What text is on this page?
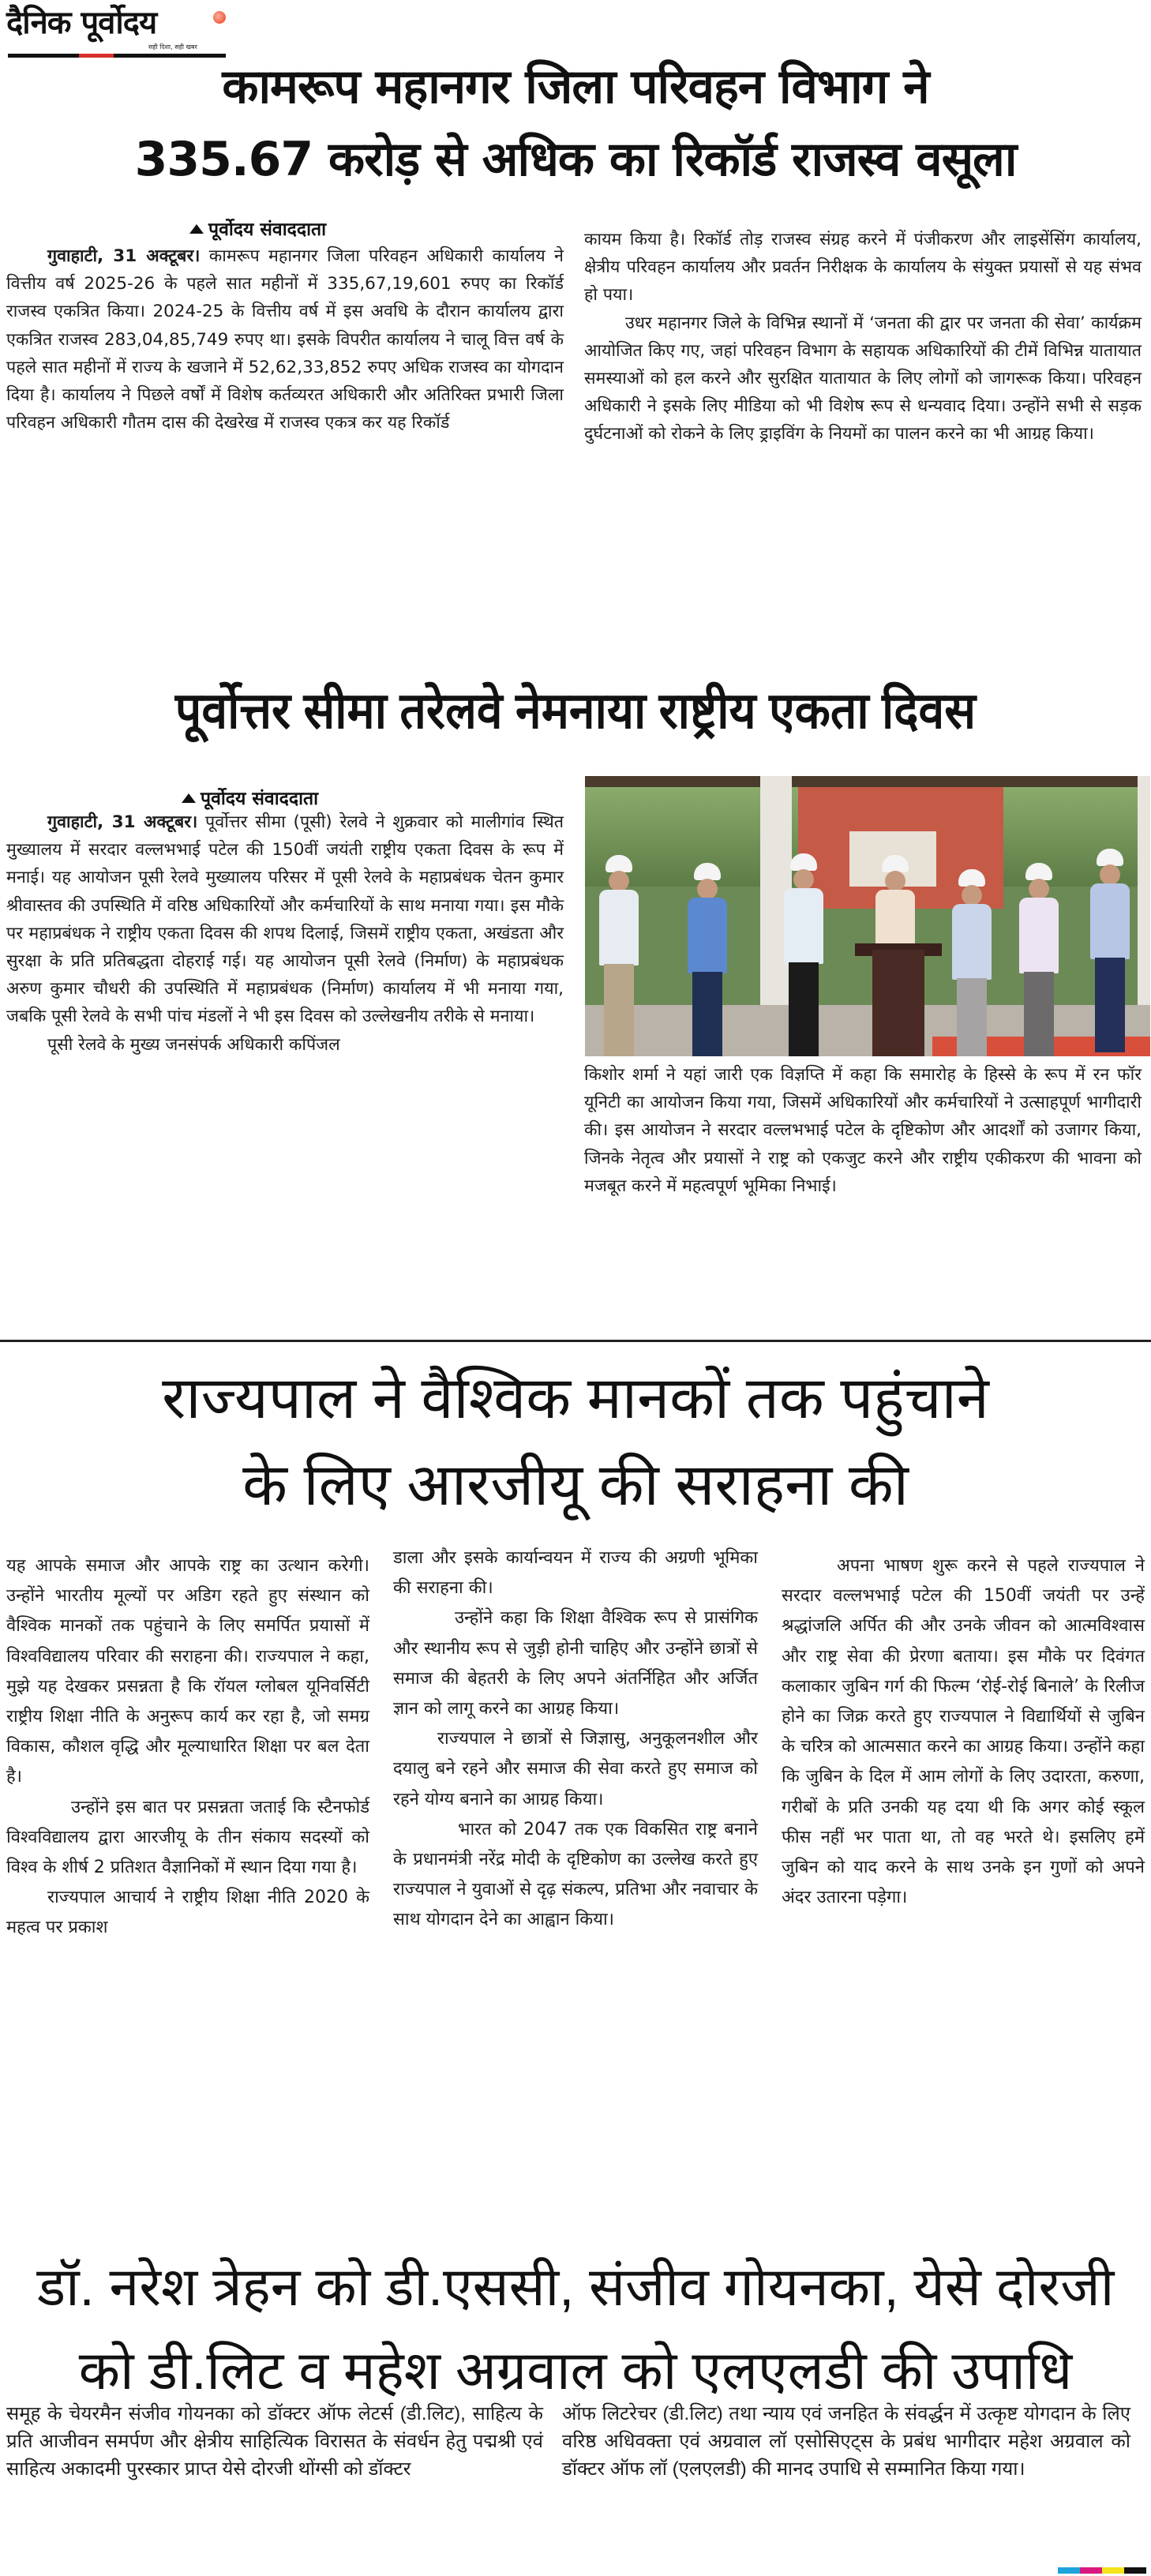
दैनिक पूर्वोदय
सही दिशा, सही खबर
कामरूप महानगर जिला परिवहन विभाग ने
335.67 करोड़ से अधिक का रिकॉर्ड राजस्व वसूला
पूर्वोदय संवाददाता

गुवाहाटी, 31 अक्टूबर। कामरूप महानगर जिला परिवहन अधिकारी कार्यालय ने वित्तीय वर्ष 2025-26 के पहले सात महीनों में 335,67,19,601 रुपए का रिकॉर्ड राजस्व एकत्रित किया। 2024-25 के वित्तीय वर्ष में इस अवधि के दौरान कार्यालय द्वारा एकत्रित राजस्व 283,04,85,749 रुपए था। इसके विपरीत कार्यालय ने चालू वित्त वर्ष के पहले सात महीनों में राज्य के खजाने में 52,62,33,852 रुपए अधिक राजस्व का योगदान दिया है। कार्यालय ने पिछले वर्षों में विशेष कर्तव्यरत अधिकारी और अतिरिक्त प्रभारी जिला परिवहन अधिकारी गौतम दास की देखरेख में राजस्व एकत्र कर यह रिकॉर्ड

कायम किया है। रिकॉर्ड तोड़ राजस्व संग्रह करने में पंजीकरण और लाइसेंसिंग कार्यालय, क्षेत्रीय परिवहन कार्यालय और प्रवर्तन निरीक्षक के कार्यालय के संयुक्त प्रयासों से यह संभव हो पया।

उधर महानगर जिले के विभिन्न स्थानों में ‘जनता की द्वार पर जनता की सेवा’ कार्यक्रम आयोजित किए गए, जहां परिवहन विभाग के सहायक अधिकारियों की टीमें विभिन्न यातायात समस्याओं को हल करने और सुरक्षित यातायात के लिए लोगों को जागरूक किया। परिवहन अधिकारी ने इसके लिए मीडिया को भी विशेष रूप से धन्यवाद दिया। उन्होंने सभी से सड़क दुर्घटनाओं को रोकने के लिए ड्राइविंग के नियमों का पालन करने का भी आग्रह किया।

पूर्वोत्तर सीमा तरेलवे नेमनाया राष्ट्रीय एकता दिवस
पूर्वोदय संवाददाता

गुवाहाटी, 31 अक्टूबर। पूर्वोत्तर सीमा (पूसी) रेलवे ने शुक्रवार को मालीगांव स्थित मुख्यालय में सरदार वल्लभभाई पटेल की 150वीं जयंती राष्ट्रीय एकता दिवस के रूप में मनाई। यह आयोजन पूसी रेलवे मुख्यालय परिसर में पूसी रेलवे के महाप्रबंधक चेतन कुमार श्रीवास्तव की उपस्थिति में वरिष्ठ अधिकारियों और कर्मचारियों के साथ मनाया गया। इस मौके पर महाप्रबंधक ने राष्ट्रीय एकता दिवस की शपथ दिलाई, जिसमें राष्ट्रीय एकता, अखंडता और सुरक्षा के प्रति प्रतिबद्धता दोहराई गई। यह आयोजन पूसी रेलवे (निर्माण) के महाप्रबंधक अरुण कुमार चौधरी की उपस्थिति में महाप्रबंधक (निर्माण) कार्यालय में भी मनाया गया, जबकि पूसी रेलवे के सभी पांच मंडलों ने भी इस दिवस को उल्लेखनीय तरीके से मनाया।

पूसी रेलवे के मुख्य जनसंपर्क अधिकारी कपिंजल

किशोर शर्मा ने यहां जारी एक विज्ञप्ति में कहा कि समारोह के हिस्से के रूप में रन फॉर यूनिटी का आयोजन किया गया, जिसमें अधिकारियों और कर्मचारियों ने उत्साहपूर्ण भागीदारी की। इस आयोजन ने सरदार वल्लभभाई पटेल के दृष्टिकोण और आदर्शों को उजागर किया, जिनके नेतृत्व और प्रयासों ने राष्ट्र को एकजुट करने और राष्ट्रीय एकीकरण की भावना को मजबूत करने में महत्वपूर्ण भूमिका निभाई।

राज्यपाल ने वैश्विक मानकों तक पहुंचाने
के लिए आरजीयू की सराहना की

यह आपके समाज और आपके राष्ट्र का उत्थान करेगी। उन्होंने भारतीय मूल्यों पर अडिग रहते हुए संस्थान को वैश्विक मानकों तक पहुंचाने के लिए समर्पित प्रयासों में विश्वविद्यालय परिवार की सराहना की। राज्यपाल ने कहा, मुझे यह देखकर प्रसन्नता है कि रॉयल ग्लोबल यूनिवर्सिटी राष्ट्रीय शिक्षा नीति के अनुरूप कार्य कर रहा है, जो समग्र विकास, कौशल वृद्धि और मूल्याधारित शिक्षा पर बल देता है।

उन्होंने इस बात पर प्रसन्नता जताई कि स्टैनफोर्ड विश्वविद्यालय द्वारा आरजीयू के तीन संकाय सदस्यों को विश्व के शीर्ष 2 प्रतिशत वैज्ञानिकों में स्थान दिया गया है।

राज्यपाल आचार्य ने राष्ट्रीय शिक्षा नीति 2020 के महत्व पर प्रकाश

डाला और इसके कार्यान्वयन में राज्य की अग्रणी भूमिका की सराहना की।

उन्होंने कहा कि शिक्षा वैश्विक रूप से प्रासंगिक और स्थानीय रूप से जुड़ी होनी चाहिए और उन्होंने छात्रों से समाज की बेहतरी के लिए अपने अंतर्निहित और अर्जित ज्ञान को लागू करने का आग्रह किया।

राज्यपाल ने छात्रों से जिज्ञासु, अनुकूलनशील और दयालु बने रहने और समाज की सेवा करते हुए समाज को रहने योग्य बनाने का आग्रह किया।

भारत को 2047 तक एक विकसित राष्ट्र बनाने के प्रधानमंत्री नरेंद्र मोदी के दृष्टिकोण का उल्लेख करते हुए राज्यपाल ने युवाओं से दृढ़ संकल्प, प्रतिभा और नवाचार के साथ योगदान देने का आह्वान किया।

अपना भाषण शुरू करने से पहले राज्यपाल ने सरदार वल्लभभाई पटेल की 150वीं जयंती पर उन्हें श्रद्धांजलि अर्पित की और उनके जीवन को आत्मविश्वास और राष्ट्र सेवा की प्रेरणा बताया। इस मौके पर दिवंगत कलाकार जुबिन गर्ग की फिल्म ‘रोई-रोई बिनाले’ के रिलीज होने का जिक्र करते हुए राज्यपाल ने विद्यार्थियों से जुबिन के चरित्र को आत्मसात करने का आग्रह किया। उन्होंने कहा कि जुबिन के दिल में आम लोगों के लिए उदारता, करुणा, गरीबों के प्रति उनकी यह दया थी कि अगर कोई स्कूल फीस नहीं भर पाता था, तो वह भरते थे। इसलिए हमें जुबिन को याद करने के साथ उनके इन गुणों को अपने अंदर उतारना पड़ेगा।

डॉ. नरेश त्रेहन को डी.एससी, संजीव गोयनका, येसे दोरजी
को डी.लिट व महेश अग्रवाल को एलएलडी की उपाधि

समूह के चेयरमैन संजीव गोयनका को डॉक्टर ऑफ लेटर्स (डी.लिट), साहित्य के प्रति आजीवन समर्पण और क्षेत्रीय साहित्यिक विरासत के संवर्धन हेतु पद्मश्री एवं साहित्य अकादमी पुरस्कार प्राप्त येसे दोरजी थोंग्सी को डॉक्टर

ऑफ लिटरेचर (डी.लिट) तथा न्याय एवं जनहित के संवर्द्धन में उत्कृष्ट योगदान के लिए वरिष्ठ अधिवक्ता एवं अग्रवाल लॉ एसोसिएट्स के प्रबंध भागीदार महेश अग्रवाल को डॉक्टर ऑफ लॉ (एलएलडी) की मानद उपाधि से सम्मानित किया गया।
